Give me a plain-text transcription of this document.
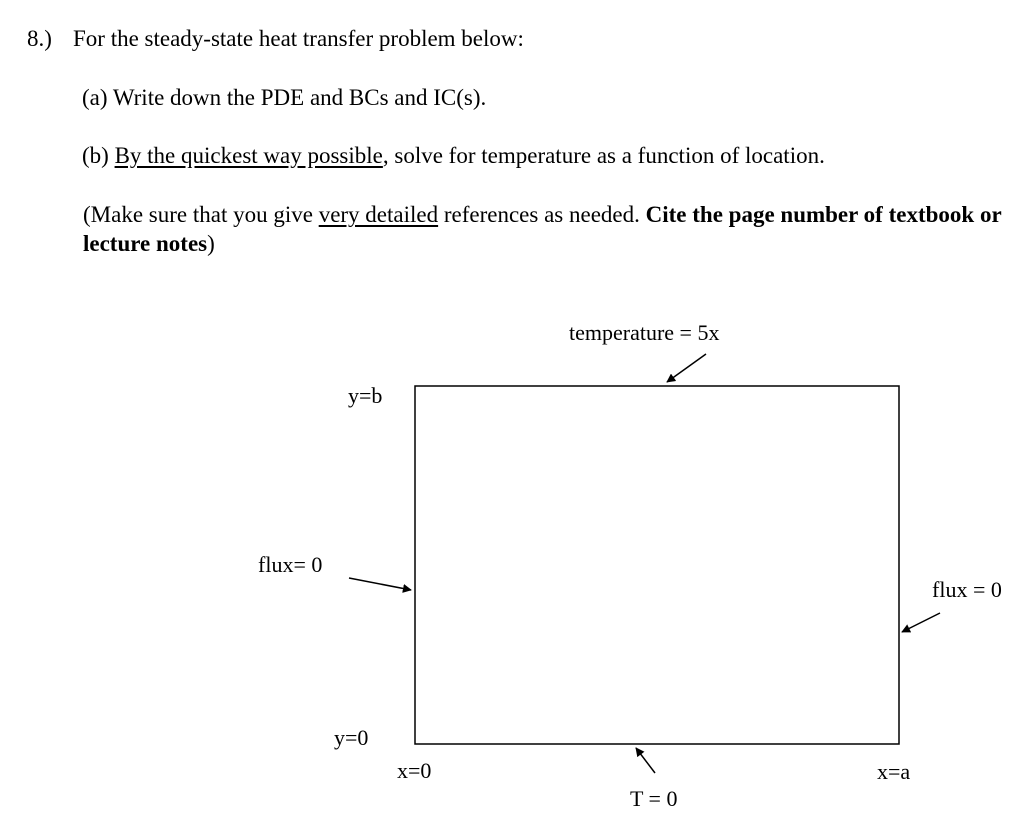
8.) For the steady-state heat transfer problem below:
(a) Write down the PDE and BCs and IC(s).
(b) By the quickest way possible, solve for temperature as a function of location.
(Make sure that you give very detailed references as needed. Cite the page number of textbook or lecture notes)
temperature = 5x
y=b
flux= 0
flux = 0
y=0
x=0	x=a
T = 0
